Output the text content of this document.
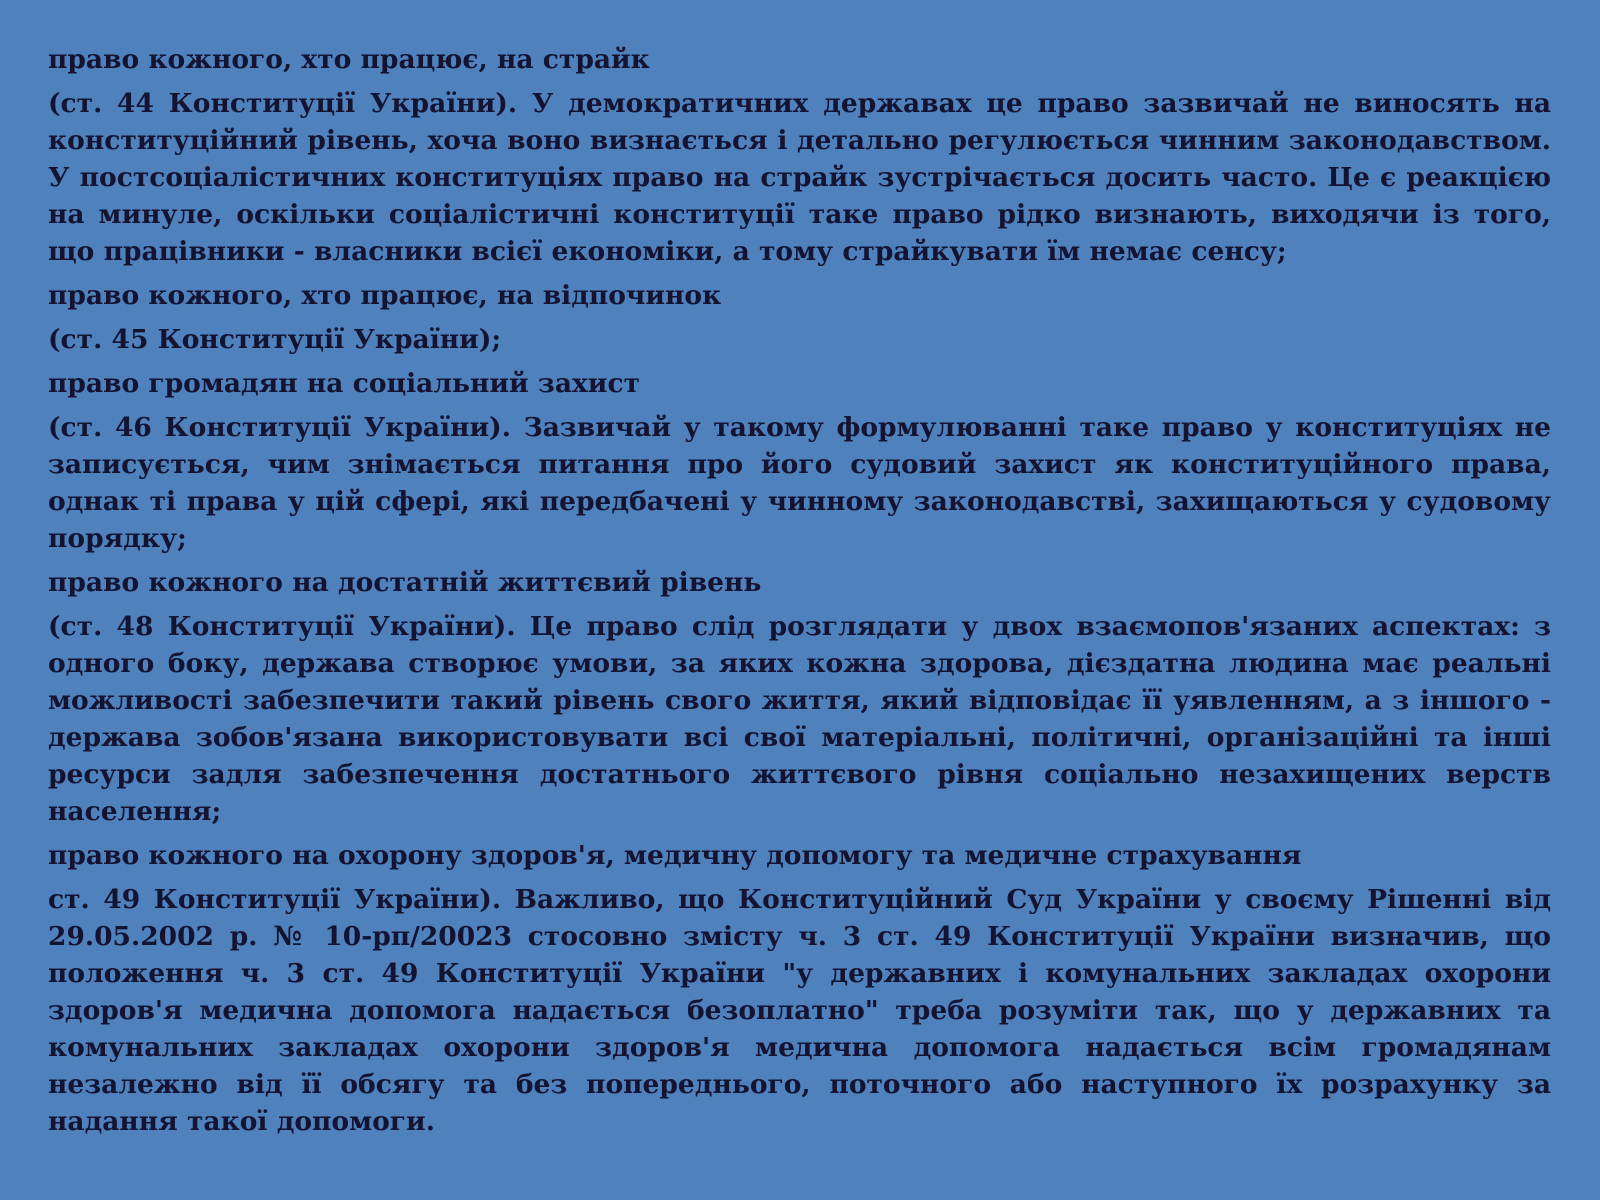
право кожного, хто працює, на страйк
(ст. 44 Конституції України). У демократичних державах це право зазвичай не виносять на конституційний рівень, хоча воно визнається і детально регулюється чинним законодавством. У постсоціалістичних конституціях право на страйк зустрічається досить часто. Це є реакцією на минуле, оскільки соціалістичні конституції таке право рідко визнають, виходячи із того, що працівники - власники всієї економіки, а тому страйкувати їм немає сенсу;
право кожного, хто працює, на відпочинок
(ст. 45 Конституції України);
право громадян на соціальний захист
(ст. 46 Конституції України). Зазвичай у такому формулюванні таке право у конституціях не записується, чим знімається питання про його судовий захист як конституційного права, однак ті права у цій сфері, які передбачені у чинному законодавстві, захищаються у судовому порядку;
право кожного на достатній життєвий рівень
(ст. 48 Конституції України). Це право слід розглядати у двох взаємопов'язаних аспектах: з одного боку, держава створює умови, за яких кожна здорова, дієздатна людина має реальні можливості забезпечити такий рівень свого життя, який відповідає її уявленням, а з іншого - держава зобов'язана використовувати всі свої матеріальні, політичні, організаційні та інші ресурси задля забезпечення достатнього життєвого рівня соціально незахищених верств населення;
право кожного на охорону здоров'я, медичну допомогу та медичне страхування
ст. 49 Конституції України). Важливо, що Конституційний Суд України у своєму Рішенні від 29.05.2002 р. № 10-рп/20023 стосовно змісту ч. 3 ст. 49 Конституції України визначив, що положення ч. 3 ст. 49 Конституції України "у державних і комунальних закладах охорони здоров'я медична допомога надається безоплатно" треба розуміти так, що у державних та комунальних закладах охорони здоров'я медична допомога надається всім громадянам незалежно від її обсягу та без попереднього, поточного або наступного їх розрахунку за надання такої допомоги.
